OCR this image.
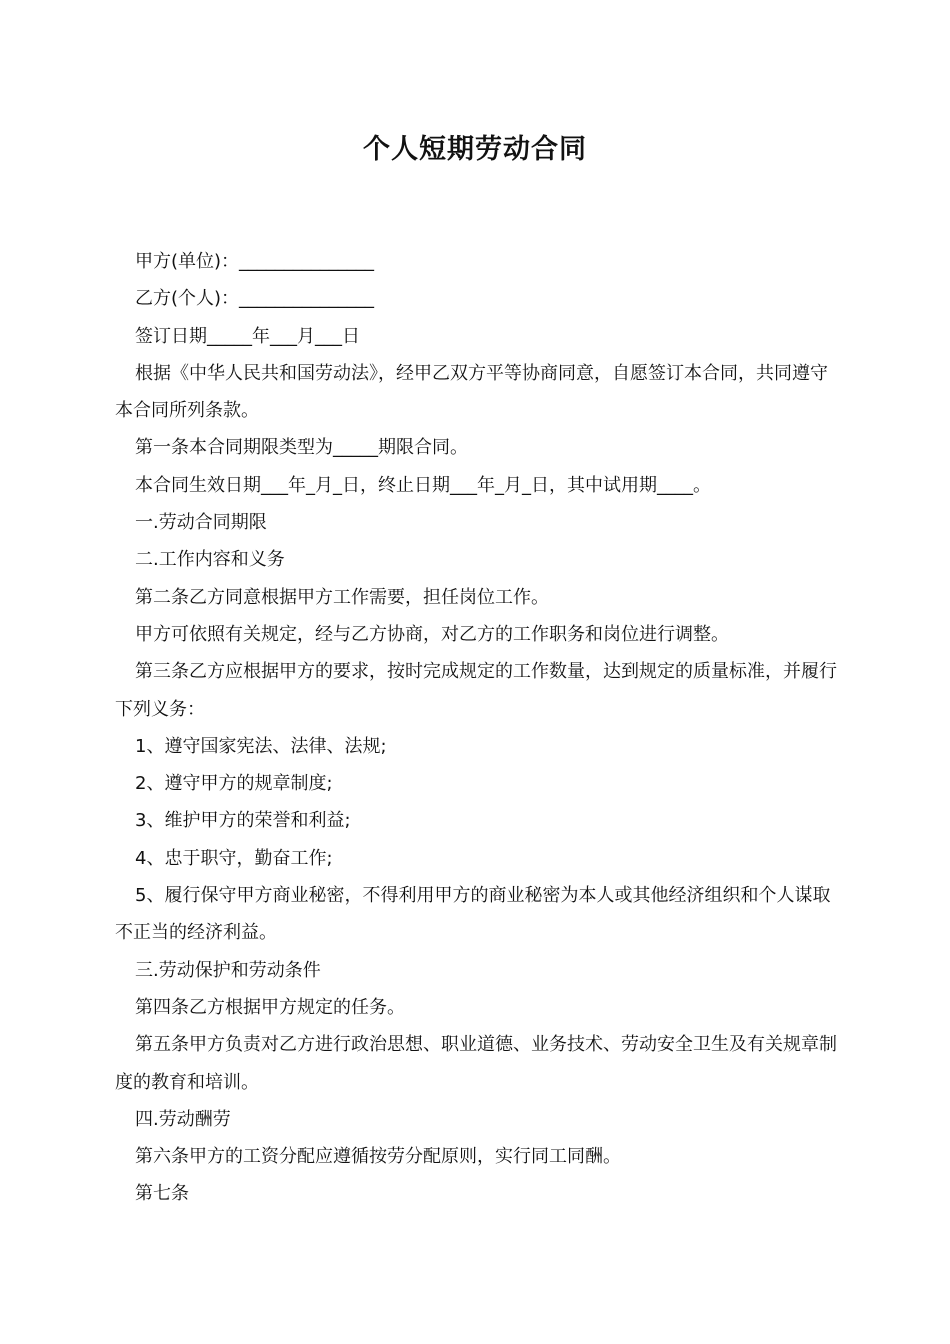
个人短期劳动合同

甲方(单位)：_______________

乙方(个人)：_______________

签订日期_____年___月___日

根据《中华人民共和国劳动法》，经甲乙双方平等协商同意，自愿签订本合同，共同遵守本合同所列条款。

第一条本合同期限类型为_____期限合同。

本合同生效日期___年_月_日，终止日期___年_月_日，其中试用期____。

一.劳动合同期限

二.工作内容和义务

第二条乙方同意根据甲方工作需要，担任岗位工作。

甲方可依照有关规定，经与乙方协商，对乙方的工作职务和岗位进行调整。

第三条乙方应根据甲方的要求，按时完成规定的工作数量，达到规定的质量标准，并履行下列义务：

1、遵守国家宪法、法律、法规;

2、遵守甲方的规章制度;

3、维护甲方的荣誉和利益;

4、忠于职守，勤奋工作;

5、履行保守甲方商业秘密，不得利用甲方的商业秘密为本人或其他经济组织和个人谋取不正当的经济利益。

三.劳动保护和劳动条件

第四条乙方根据甲方规定的任务。

第五条甲方负责对乙方进行政治思想、职业道德、业务技术、劳动安全卫生及有关规章制度的教育和培训。

四.劳动酬劳

第六条甲方的工资分配应遵循按劳分配原则，实行同工同酬。

第七条
